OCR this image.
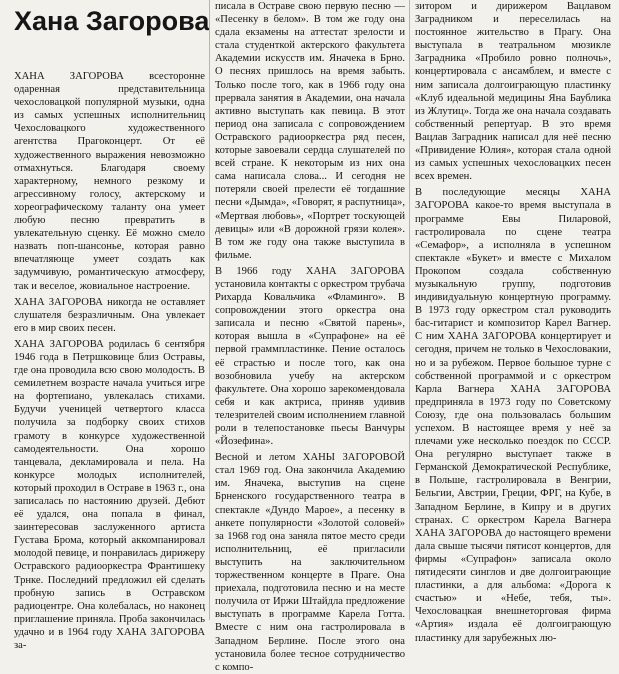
Хана Загорова

ХАНА ЗАГОРОВА всесторонне одаренная представительница чехословацкой популярной музыки, одна из самых успешных исполнительниц Чехословацкого художественного агентства Прагоконцерт. От её художественного выражения невозможно отмахнуться. Благодаря своему характерному, немного резкому и агрессивному голосу, актерскому и хореографическому таланту она умеет любую песню превратить в увлекательную сценку. Её можно смело назвать поп-шансонье, которая равно впечатляюще умеет создать как задумчивую, романтическую атмосферу, так и веселое, жовиальное настроение.

ХАНА ЗАГОРОВА никогда не оставляет слушателя безразличным. Она увлекает его в мир своих песен.

ХАНА ЗАГОРОВА родилась 6 сентября 1946 года в Петршковице близ Остравы, где она проводила всю свою молодость. В семилетнем возрасте начала учиться игре на фортепиано, увлекалась стихами. Будучи ученицей четвертого класса получила за подборку своих стихов грамоту в конкурсе художественной самодеятельности. Она хорошо танцевала, декламировала и пела. На конкурсе молодых исполнителей, который проходил в Остраве в 1963 г., она записалась по настоянию друзей. Дебют её удался, она попала в финал, заинтересовав заслуженного артиста Густава Брома, который аккомпанировал молодой певице, и понравилась дирижеру Остравского радиооркестра Франтишеку Трнке. Последний предложил ей сделать пробную запись в Остравском радиоцентре. Она колебалась, но наконец приглашение приняла. Проба закончилась удачно и в 1964 году ХАНА ЗАГОРОВА за-

писала в Остраве свою первую песню — «Песенку в белом». В том же году она сдала екзамены на аттестат зрелости и стала студенткой актерского факультета Академии искусств им. Яначека в Брно. О песнях пришлось на время забыть. Только после того, как в 1966 году она прервала занятия в Академии, она начала активно выступать как певица. В этот период она записала с сопровождением Остравского радиооркестра ряд песен, которые завоевали сердца слушателей по всей стране. К некоторым из них она сама написала слова... И сегодня не потеряли своей прелести её тогдашние песни «Дымда», «Говорят, я распутница», «Мертвая любовь», «Портрет тоскующей девицы» или «В дорожной грязи колея». В том же году она также выступила в фильме.

В 1966 году ХАНА ЗАГОРОВА установила контакты с оркестром трубача Рихарда Ковальчика «Фламинго». В сопровождении этого оркестра она записала и песню «Святой парень», которая вышла в «Супрафоне» на её первой граммпластинке. Пение осталось её страстью и после того, как она возобновила учебу на актерском факультете. Она хорошо зарекомендовала себя и как актриса, приняв удивив телезрителей своим исполнением главной роли в телепостановке пьесы Ванчуры «Йозефина».

Весной и летом ХАНЫ ЗАГОРОВОЙ стал 1969 год. Она закончила Академию им. Яначека, выступив на сцене Брненского государственного театра в спектакле «Дундо Марое», а песенку в анкете популярности «Золотой соловей» за 1968 год она заняла пятое место среди исполнительниц, её пригласили выступить на заключительном торжественном концерте в Праге. Она приехала, подготовила песню и на месте получила от Иржи Штайдла предложение выступать в программе Карела Готта. Вместе с ним она гастролировала в Западном Берлине. После этого она установила более тесное сотрудничество с компо-

зитором и дирижером Вацлавом Заградником и переселилась на постоянное жительство в Прагу. Она выступала в театральном мюзикле Заградника «Пробило ровно полночь», концертировала с ансамблем, и вместе с ним записала долгоиграющую пластинку «Клуб идеальной медицины Яна Баублика из Жлутиц». Тогда же она начала создавать собственный репертуар. В это время Вацлав Заградник написал для неё песню «Привидение Юлия», которая стала одной из самых успешных чехословацких песен всех времен.

В последующие месяцы ХАНА ЗАГОРОВА какое-то время выступала в программе Евы Пиларовой, гастролировала по сцене театра «Семафор», а исполняла в успешном спектакле «Букет» и вместе с Михалом Прокопом создала собственную музыкальную группу, подготовив индивидуальную концертную программу. В 1973 году оркестром стал руководить бас-гитарист и композитор Карел Вагнер. С ним ХАНА ЗАГОРОВА концертирует и сегодня, причем не только в Чехословакии, но и за рубежом. Первое большое турне с собственной программой и с оркестром Карла Вагнера ХАНА ЗАГОРОВА предприняла в 1973 году по Советскому Союзу, где она пользовалась большим успехом. В настоящее время у неё за плечами уже несколько поездок по СССР. Она регулярно выступает также в Германской Демократической Республике, в Польше, гастролировала в Венгрии, Бельгии, Австрии, Греции, ФРГ, на Кубе, в Западном Берлине, в Кипру и в других странах. С оркестром Карела Вагнера ХАНА ЗАГОРОВА до настоящего времени дала свыше тысячи пятисот концертов, для фирмы «Супрафон» записала около пятидесяти синглов и две долгоиграющие пластинки, а для альбома: «Дорога к счастью» и «Небе, тебя, ты». Чехословацкая внешнеторговая фирма «Артия» издала её долгоиграющую пластинку для зарубежных лю-
